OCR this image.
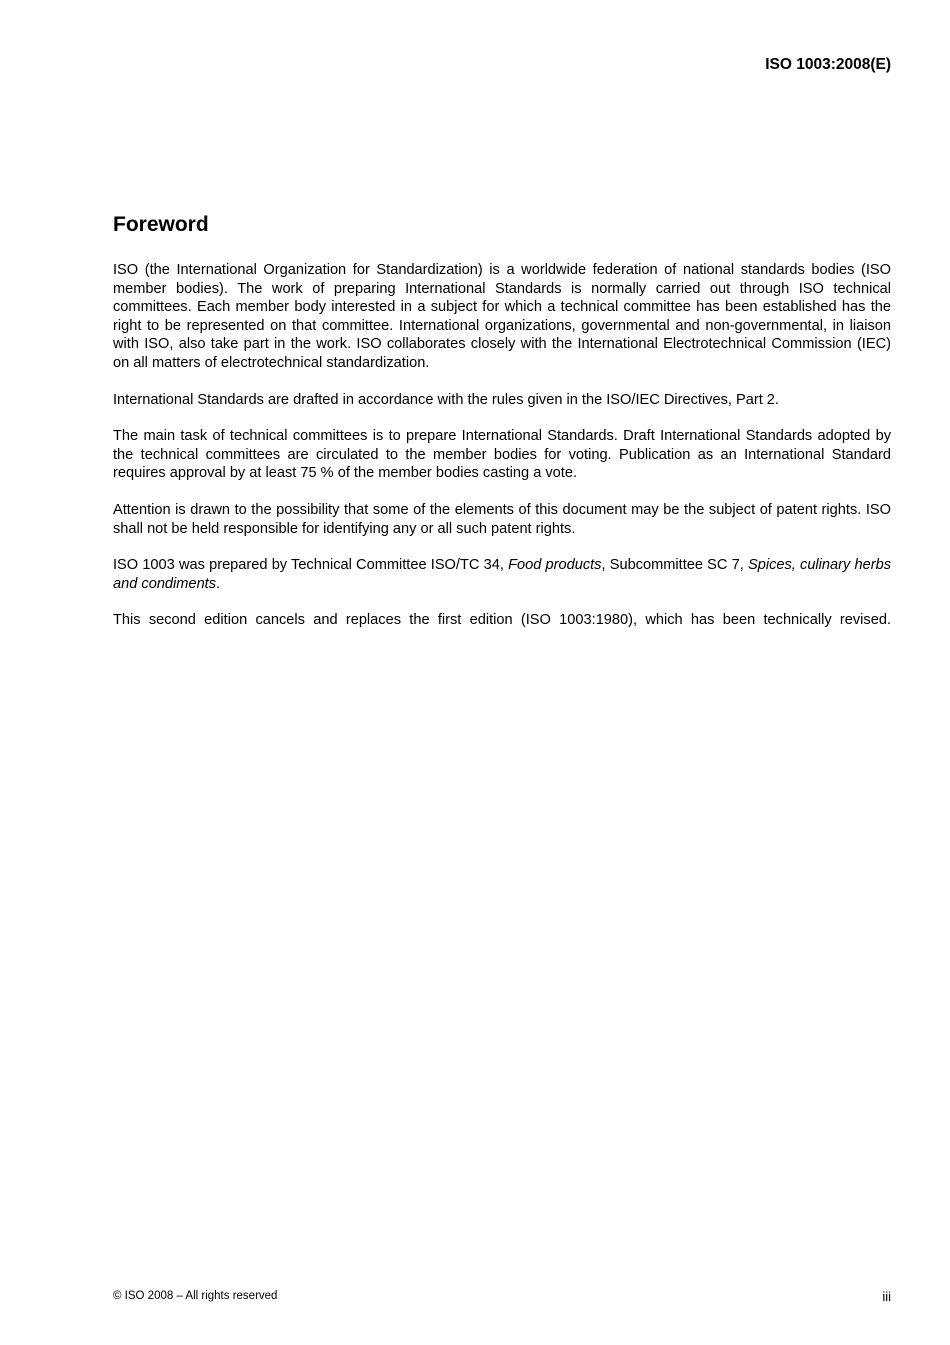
ISO 1003:2008(E)

Foreword

ISO (the International Organization for Standardization) is a worldwide federation of national standards bodies (ISO member bodies). The work of preparing International Standards is normally carried out through ISO technical committees. Each member body interested in a subject for which a technical committee has been established has the right to be represented on that committee. International organizations, governmental and non-governmental, in liaison with ISO, also take part in the work. ISO collaborates closely with the International Electrotechnical Commission (IEC) on all matters of electrotechnical standardization.

International Standards are drafted in accordance with the rules given in the ISO/IEC Directives, Part 2.

The main task of technical committees is to prepare International Standards. Draft International Standards adopted by the technical committees are circulated to the member bodies for voting. Publication as an International Standard requires approval by at least 75 % of the member bodies casting a vote.

Attention is drawn to the possibility that some of the elements of this document may be the subject of patent rights. ISO shall not be held responsible for identifying any or all such patent rights.

ISO 1003 was prepared by Technical Committee ISO/TC 34, Food products, Subcommittee SC 7, Spices, culinary herbs and condiments.

This second edition cancels and replaces the first edition (ISO 1003:1980), which has been technically revised.

© ISO 2008 – All rights reserved	iii
